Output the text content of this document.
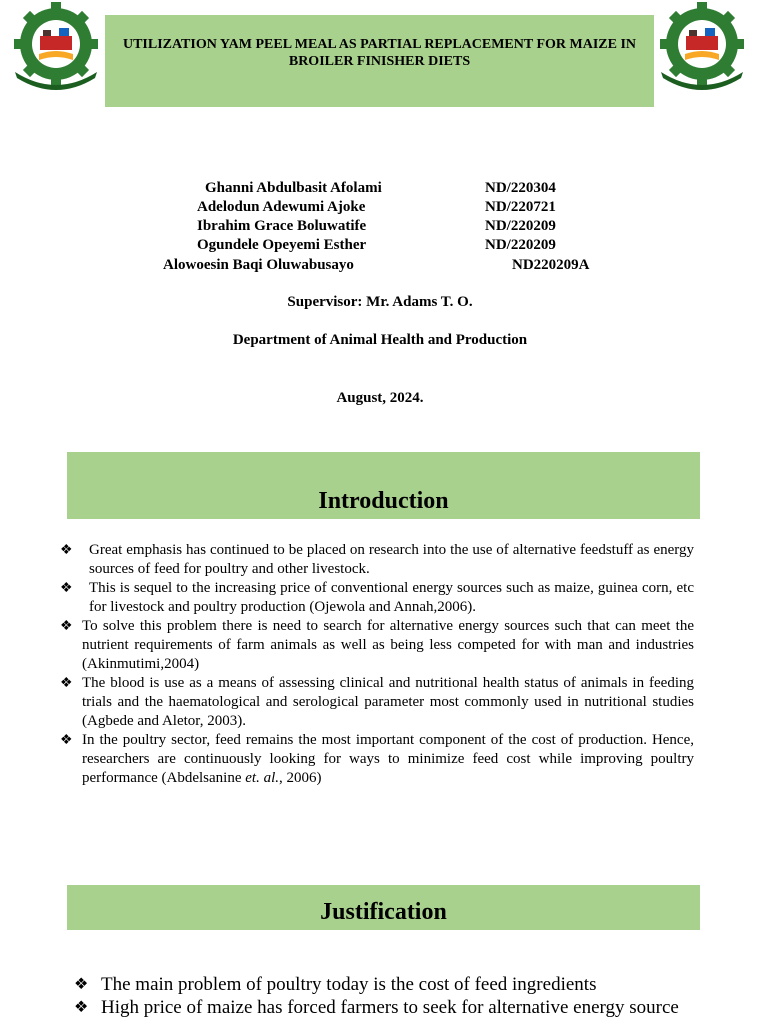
UTILIZATION YAM PEEL MEAL AS PARTIAL REPLACEMENT FOR MAIZE IN BROILER FINISHER DIETS
Ghanni Abdulbasit Afolami	ND/220304
Adelodun Adewumi Ajoke	ND/220721
Ibrahim Grace Boluwatife	ND/220209
Ogundele Opeyemi Esther	ND/220209
Alowoesin Baqi Oluwabusayo	ND220209A
Supervisor: Mr. Adams T. O.
Department of Animal Health and Production
August, 2024.
Introduction
❖ Great emphasis has continued to be placed on research into the use of alternative feedstuff as energy sources of feed for poultry and other livestock.
❖ This is sequel to the increasing price of conventional energy sources such as maize, guinea corn, etc for livestock and poultry production (Ojewola and Annah,2006).
❖ To solve this problem there is need to search for alternative energy sources such that can meet the nutrient requirements of farm animals as well as being less competed for with man and industries (Akinmutimi,2004)
❖ The blood is use as a means of assessing clinical and nutritional health status of animals in feeding trials and the haematological and serological parameter most commonly used in nutritional studies (Agbede and Aletor, 2003).
❖ In the poultry sector, feed remains the most important component of the cost of production. Hence, researchers are continuously looking for ways to minimize feed cost while improving poultry performance (Abdelsanine et. al., 2006)
Justification
❖ The main problem of poultry today is the cost of feed ingredients
❖ High price of maize has forced farmers to seek for alternative energy source
